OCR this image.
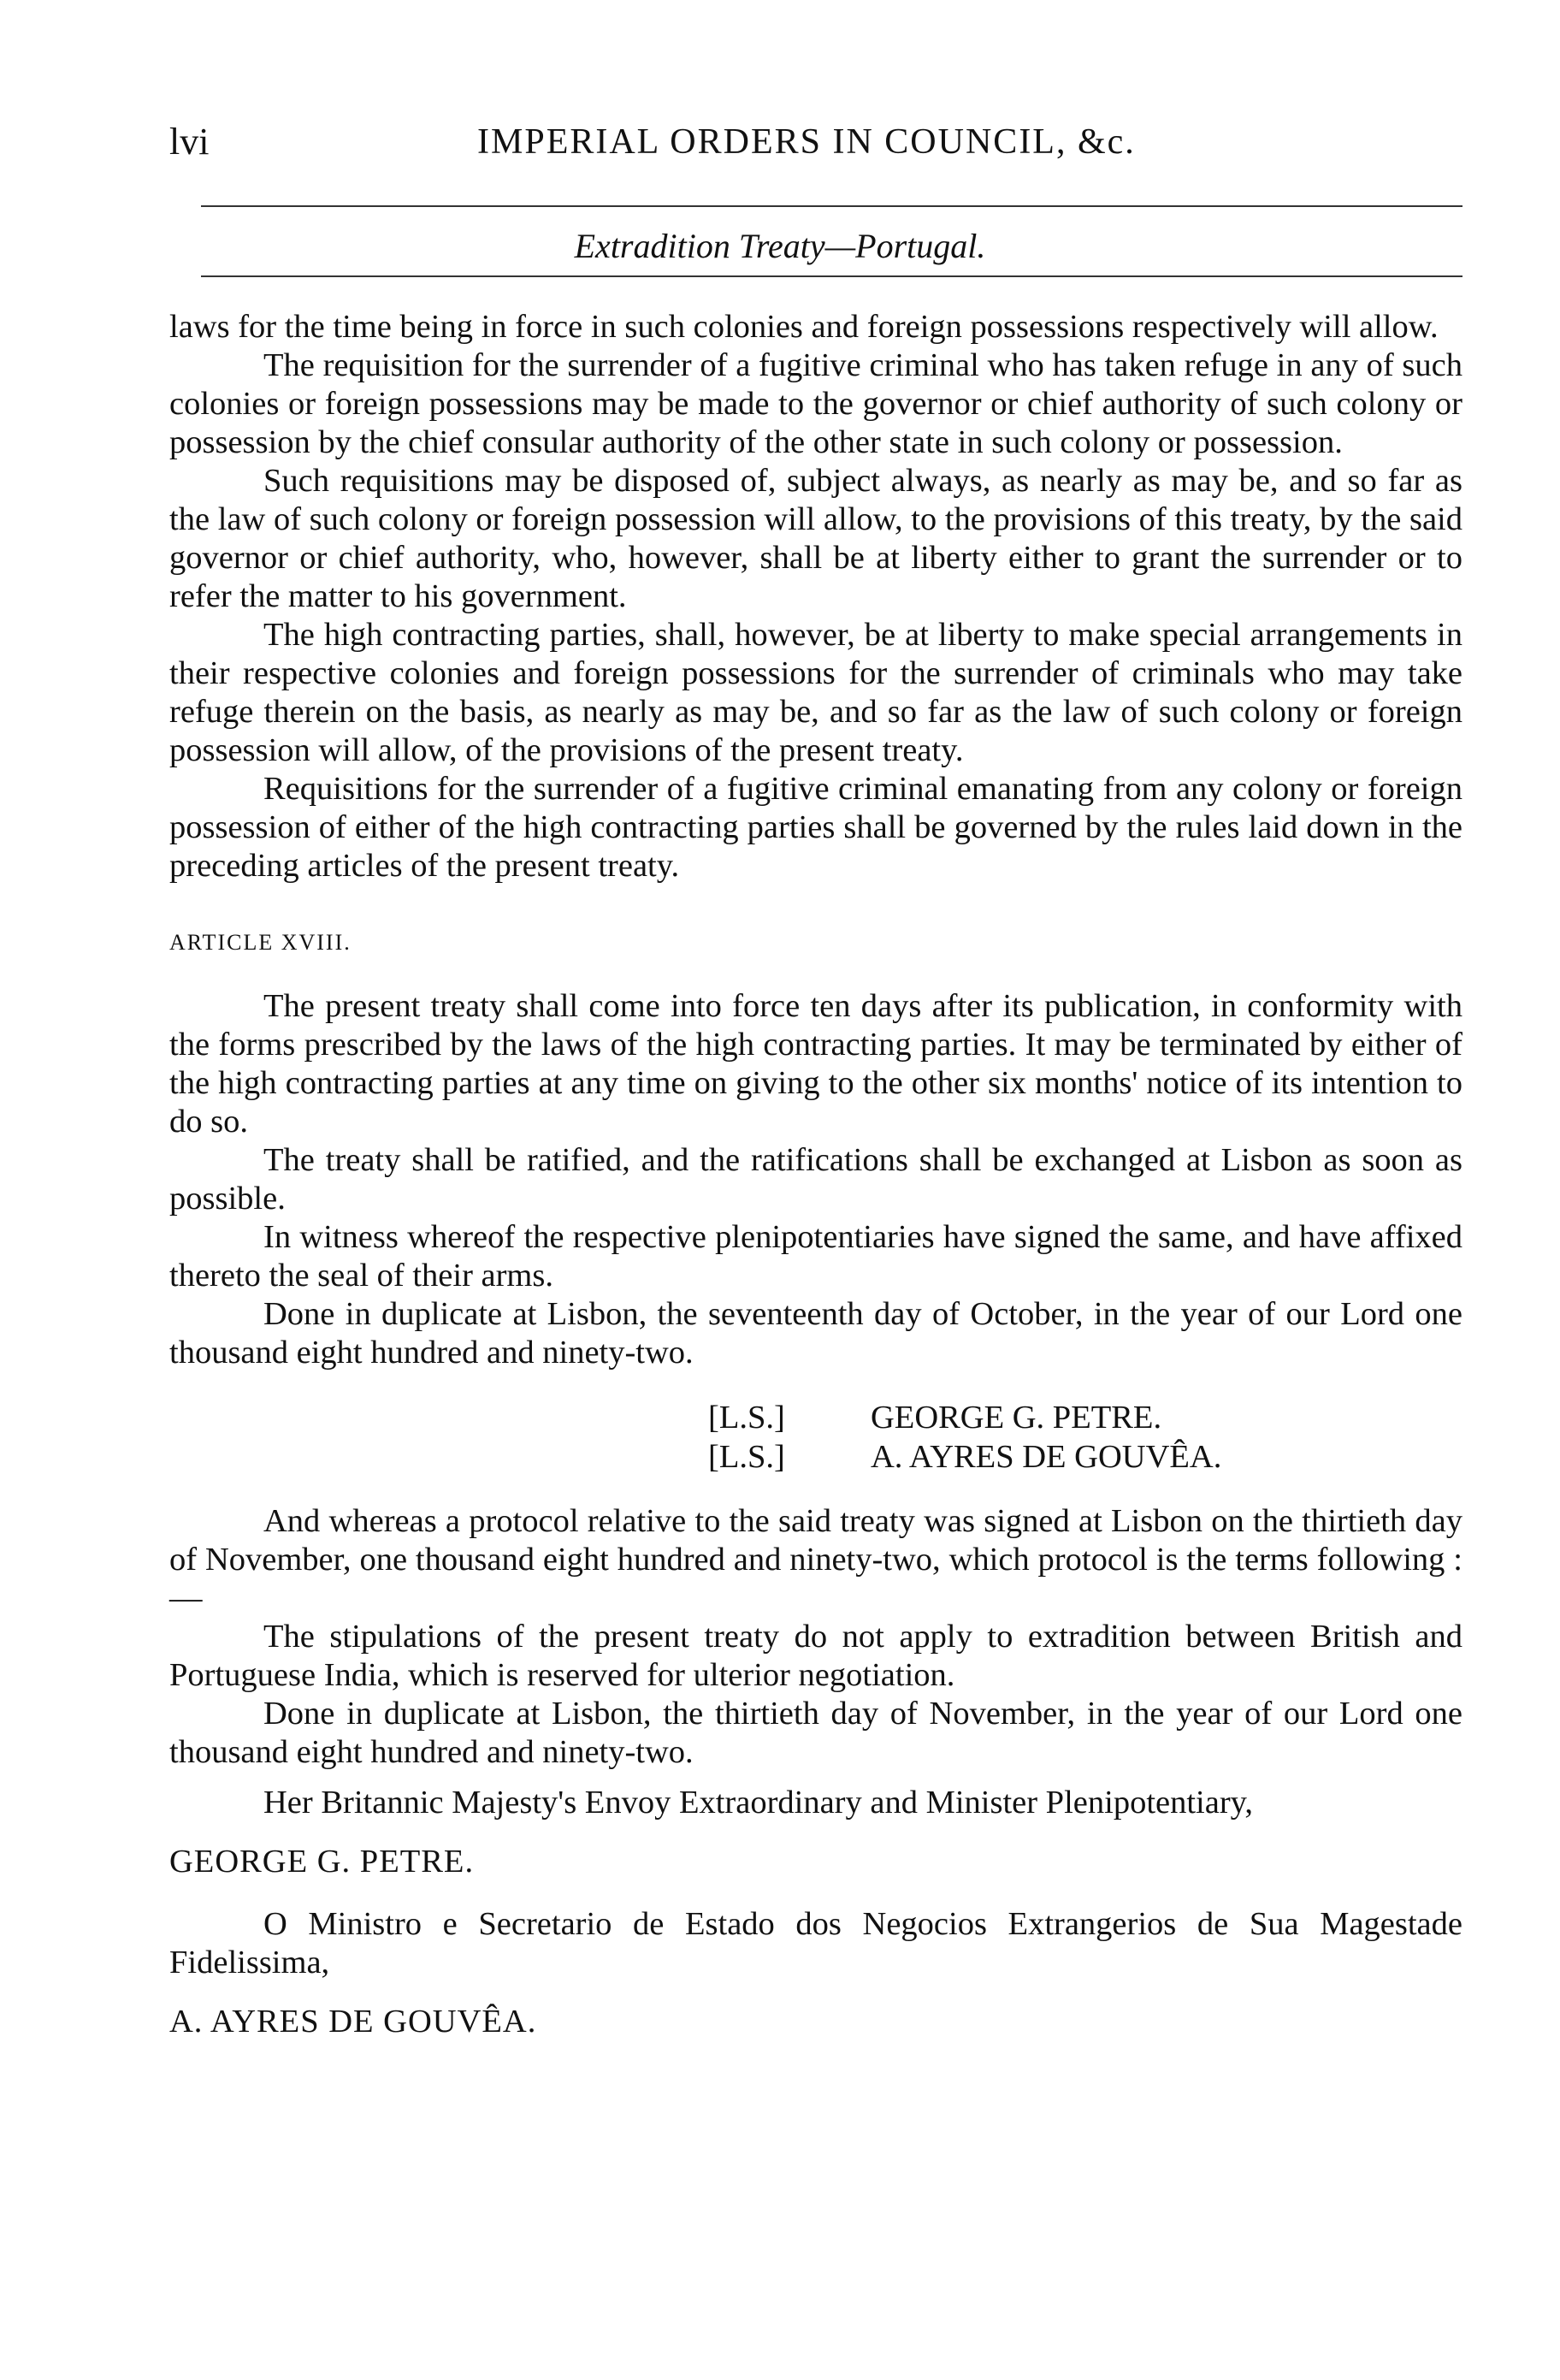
lvi	IMPERIAL ORDERS IN COUNCIL, &c.
Extradition Treaty—Portugal.

laws for the time being in force in such colonies and foreign possessions respectively will allow.

The requisition for the surrender of a fugitive criminal who has taken refuge in any of such colonies or foreign possessions may be made to the governor or chief authority of such colony or possession by the chief consular authority of the other state in such colony or possession.

Such requisitions may be disposed of, subject always, as nearly as may be, and so far as the law of such colony or foreign possession will allow, to the provisions of this treaty, by the said governor or chief authority, who, however, shall be at liberty either to grant the surrender or to refer the matter to his government.

The high contracting parties, shall, however, be at liberty to make special arrangements in their respective colonies and foreign possessions for the surrender of criminals who may take refuge therein on the basis, as nearly as may be, and so far as the law of such colony or foreign possession will allow, of the provisions of the present treaty.

Requisitions for the surrender of a fugitive criminal emanating from any colony or foreign possession of either of the high contracting parties shall be governed by the rules laid down in the preceding articles of the present treaty.

ARTICLE XVIII.

The present treaty shall come into force ten days after its publication, in conformity with the forms prescribed by the laws of the high contracting parties. It may be terminated by either of the high contracting parties at any time on giving to the other six months' notice of its intention to do so.

The treaty shall be ratified, and the ratifications shall be exchanged at Lisbon as soon as possible.

In witness whereof the respective plenipotentiaries have signed the same, and have affixed thereto the seal of their arms.

Done in duplicate at Lisbon, the seventeenth day of October, in the year of our Lord one thousand eight hundred and ninety-two.

[L.S.]	GEORGE G. PETRE.
[L.S.]	A. AYRES DE GOUVÊA.

And whereas a protocol relative to the said treaty was signed at Lisbon on the thirtieth day of November, one thousand eight hundred and ninety-two, which protocol is the terms following :—

The stipulations of the present treaty do not apply to extradition between British and Portuguese India, which is reserved for ulterior negotiation.

Done in duplicate at Lisbon, the thirtieth day of November, in the year of our Lord one thousand eight hundred and ninety-two.

Her Britannic Majesty's Envoy Extraordinary and Minister Plenipotentiary,

GEORGE G. PETRE.

O Ministro e Secretario de Estado dos Negocios Extrangerios de Sua Magestade Fidelissima,

A. AYRES DE GOUVÊA.
